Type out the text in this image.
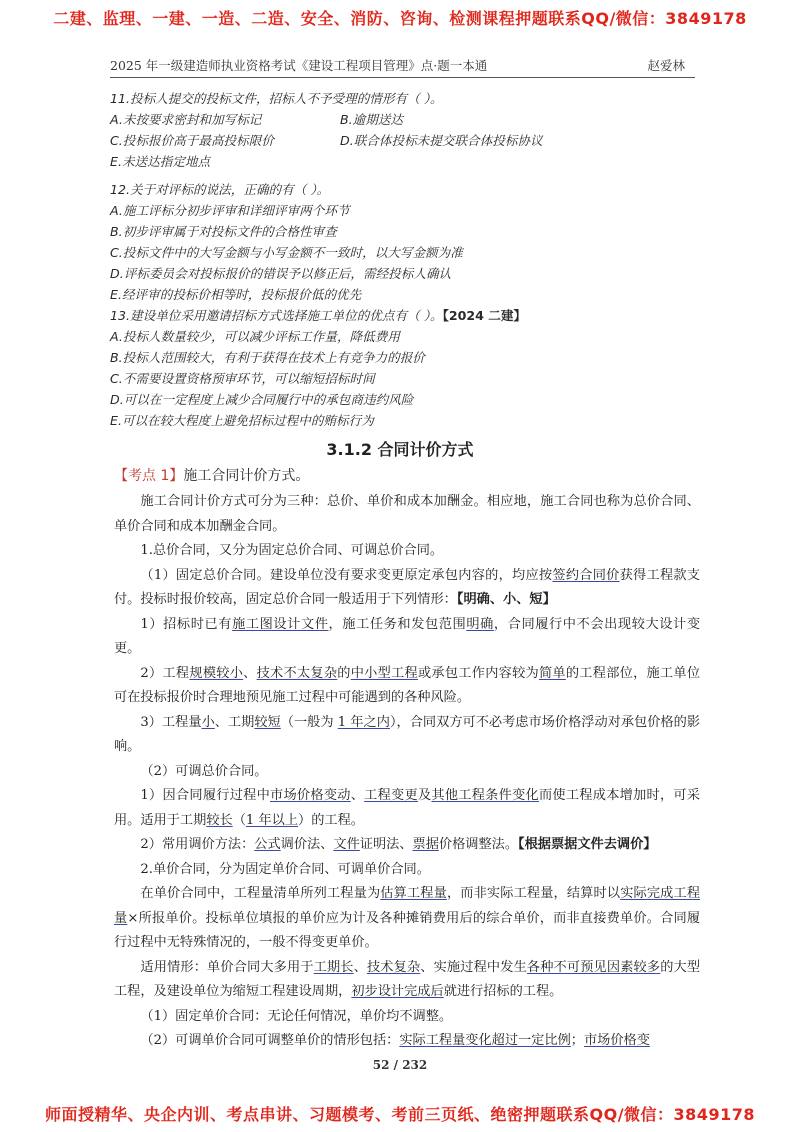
二建、监理、一建、一造、二造、安全、消防、咨询、检测课程押题联系QQ/微信：3849178
2025 年一级建造师执业资格考试《建设工程项目管理》点·题一本通	赵爱林
11.投标人提交的投标文件，招标人不予受理的情形有（ ）。
A.未按要求密封和加写标记	B.逾期送达
C.投标报价高于最高投标限价	D.联合体投标未提交联合体投标协议
E.未送达指定地点
12.关于对评标的说法，正确的有（ ）。
A.施工评标分初步评审和详细评审两个环节
B.初步评审属于对投标文件的合格性审查
C.投标文件中的大写金额与小写金额不一致时，以大写金额为准
D.评标委员会对投标报价的错误予以修正后，需经投标人确认
E.经评审的投标价相等时，投标报价低的优先
13.建设单位采用邀请招标方式选择施工单位的优点有（ ）。【2024 二建】
A.投标人数量较少，可以减少评标工作量，降低费用
B.投标人范围较大，有利于获得在技术上有竞争力的报价
C.不需要设置资格预审环节，可以缩短招标时间
D.可以在一定程度上减少合同履行中的承包商违约风险
E.可以在较大程度上避免招标过程中的贿标行为
3.1.2 合同计价方式
【考点 1】施工合同计价方式。

施工合同计价方式可分为三种：总价、单价和成本加酬金。相应地，施工合同也称为总价合同、单价合同和成本加酬金合同。

1.总价合同，又分为固定总价合同、可调总价合同。

（1）固定总价合同。建设单位没有要求变更原定承包内容的，均应按签约合同价获得工程款支付。投标时报价较高，固定总价合同一般适用于下列情形：【明确、小、短】

1）招标时已有施工图设计文件，施工任务和发包范围明确，合同履行中不会出现较大设计变更。

2）工程规模较小、技术不太复杂的中小型工程或承包工作内容较为简单的工程部位，施工单位可在投标报价时合理地预见施工过程中可能遇到的各种风险。

3）工程量小、工期较短（一般为 1 年之内），合同双方可不必考虑市场价格浮动对承包价格的影响。

（2）可调总价合同。

1）因合同履行过程中市场价格变动、工程变更及其他工程条件变化而使工程成本增加时，可采用。适用于工期较长（1 年以上）的工程。

2）常用调价方法：公式调价法、文件证明法、票据价格调整法。【根据票据文件去调价】

2.单价合同，分为固定单价合同、可调单价合同。

在单价合同中，工程量清单所列工程量为估算工程量，而非实际工程量，结算时以实际完成工程量×所报单价。投标单位填报的单价应为计及各种摊销费用后的综合单价，而非直接费单价。合同履行过程中无特殊情况的，一般不得变更单价。

适用情形：单价合同大多用于工期长、技术复杂、实施过程中发生各种不可预见因素较多的大型工程，及建设单位为缩短工程建设周期，初步设计完成后就进行招标的工程。

（1）固定单价合同：无论任何情况，单价均不调整。

（2）可调单价合同可调整单价的情形包括：实际工程量变化超过一定比例；市场价格变

52 / 232
师面授精华、央企内训、考点串讲、习题模考、考前三页纸、绝密押题联系QQ/微信：3849178
